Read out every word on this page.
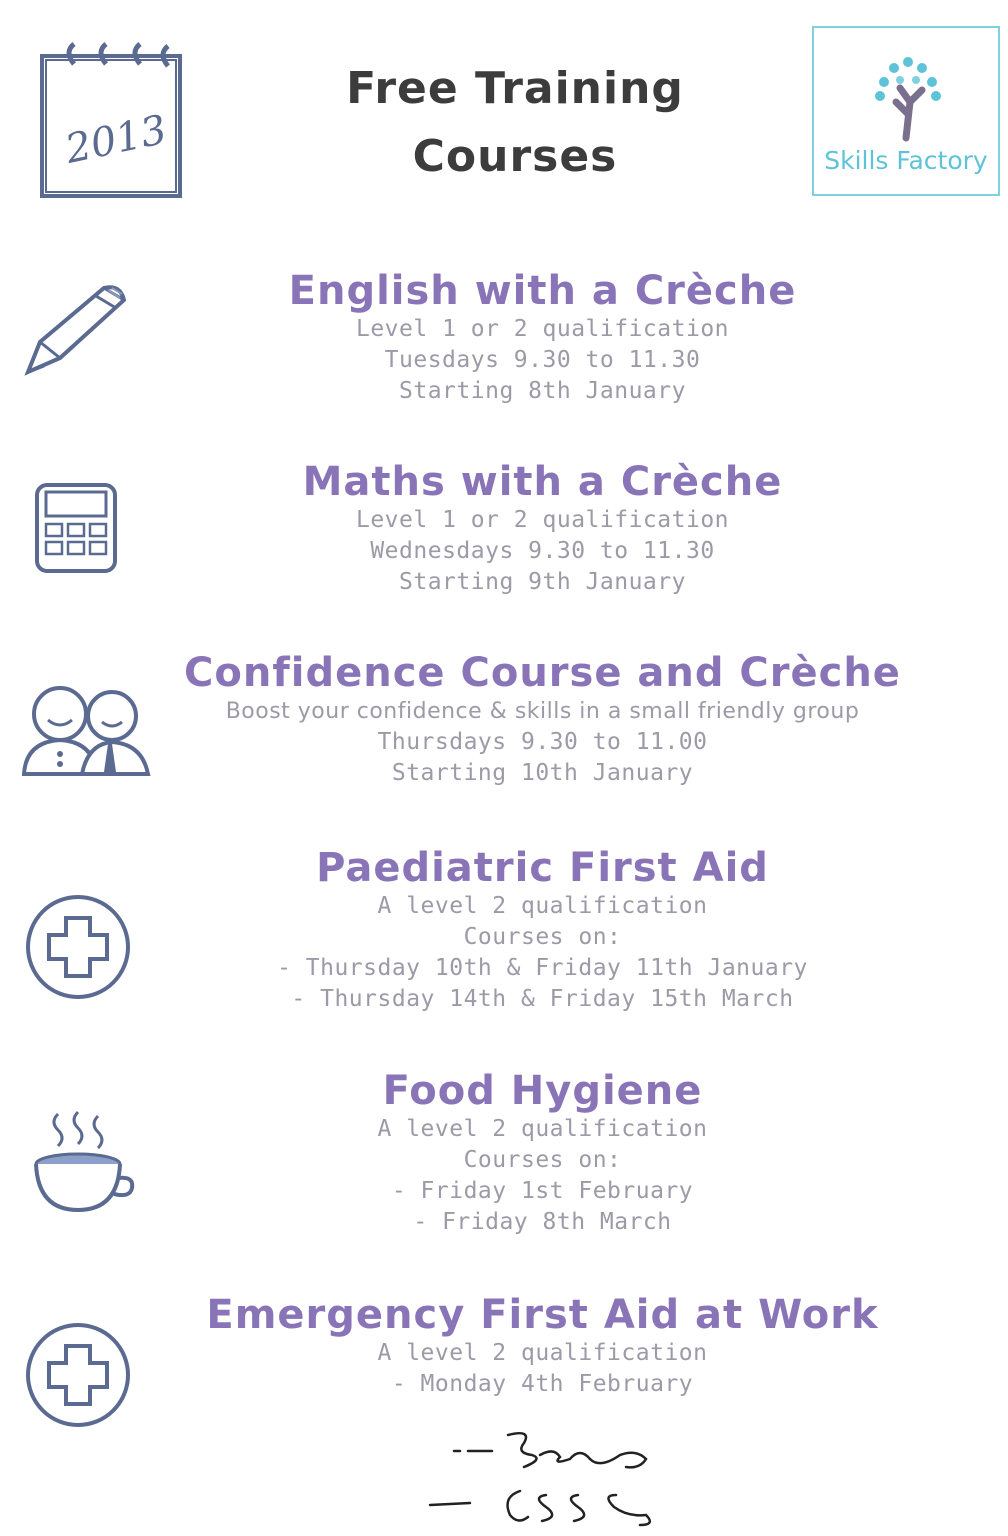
2013
Free Training
Courses	Skills Factory
English with a Crèche
Level 1 or 2 qualification
Tuesdays 9.30 to 11.30
Starting 8th January
Maths with a Crèche
Level 1 or 2 qualification
Wednesdays 9.30 to 11.30
Starting 9th January
Confidence Course and Crèche
Boost your confidence & skills in a small friendly group
Thursdays 9.30 to 11.00
Starting 10th January
Paediatric First Aid
A level 2 qualification
Courses on:
- Thursday 10th & Friday 11th January
- Thursday 14th & Friday 15th March
Food Hygiene
A level 2 qualification
Courses on:
- Friday 1st February
- Friday 8th March
Emergency First Aid at Work
A level 2 qualification
- Monday 4th February
